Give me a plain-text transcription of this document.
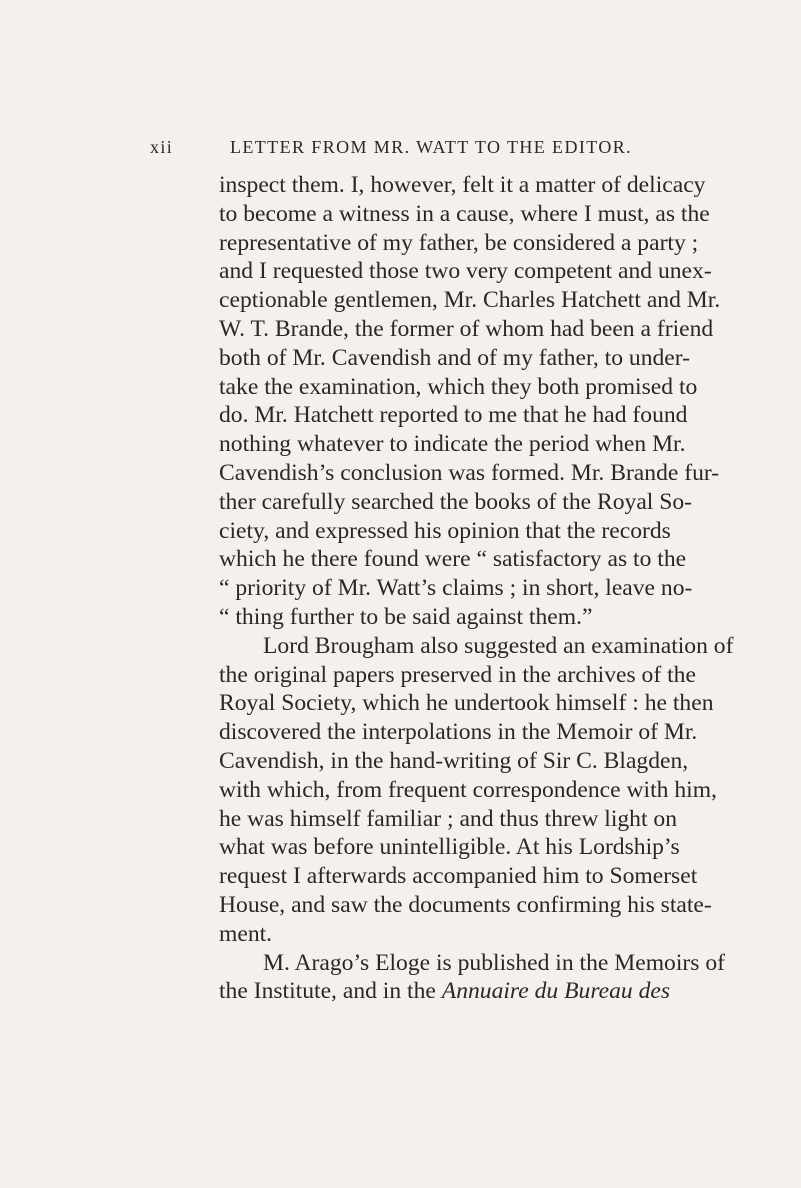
xii	LETTER FROM MR. WATT TO THE EDITOR.
inspect them. I, however, felt it a matter of delicacy
to become a witness in a cause, where I must, as the
representative of my father, be considered a party ;
and I requested those two very competent and unex-
ceptionable gentlemen, Mr. Charles Hatchett and Mr.
W. T. Brande, the former of whom had been a friend
both of Mr. Cavendish and of my father, to under-
take the examination, which they both promised to
do. Mr. Hatchett reported to me that he had found
nothing whatever to indicate the period when Mr.
Cavendish’s conclusion was formed. Mr. Brande fur-
ther carefully searched the books of the Royal So-
ciety, and expressed his opinion that the records
which he there found were “ satisfactory as to the
“ priority of Mr. Watt’s claims ; in short, leave no-
“ thing further to be said against them.”
Lord Brougham also suggested an examination of
the original papers preserved in the archives of the
Royal Society, which he undertook himself : he then
discovered the interpolations in the Memoir of Mr.
Cavendish, in the hand-writing of Sir C. Blagden,
with which, from frequent correspondence with him,
he was himself familiar ; and thus threw light on
what was before unintelligible. At his Lordship’s
request I afterwards accompanied him to Somerset
House, and saw the documents confirming his state-
ment.
M. Arago’s Eloge is published in the Memoirs of
the Institute, and in the Annuaire du Bureau des
